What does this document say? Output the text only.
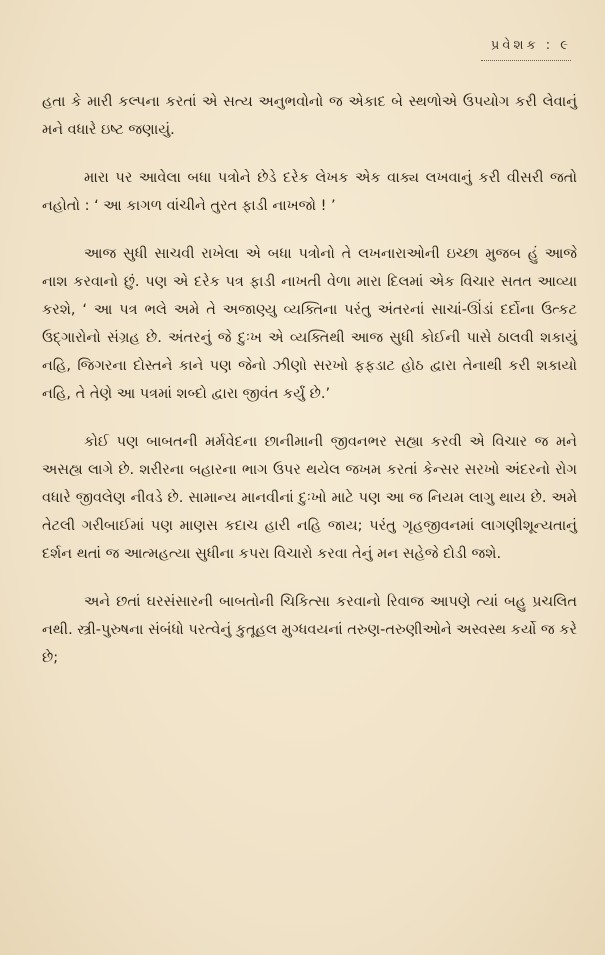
પ્રવેશક : ૯

હતા કે મારી કલ્પના કરતાં એ સત્ય અનુભવોનો જ એકાદ બે સ્થળોએ ઉપયોગ કરી લેવાનું મને વધારે ઇષ્ટ જણાયું.

મારા પર આવેલા બધા પત્રોને છેડે દરેક લેખક એક વાક્ય લખવાનું કરી વીસરી જતો નહોતો : ‘ આ કાગળ વાંચીને તુરત ફાડી નાખજો ! ’

આજ સુધી સાચવી રાખેલા એ બધા પત્રોનો તે લખનારાઓની ઇચ્છા મુજબ હું આજે નાશ કરવાનો છું. પણ એ દરેક પત્ર ફાડી નાખતી વેળા મારા દિલમાં એક વિચાર સતત આવ્યા કરશે, ‘ આ પત્ર ભલે અમે તે અજાણ્યુ વ્યક્તિના પરંતુ અંતરનાં સાચાં-ઊંડાં દર્દોના ઉત્કટ ઉદ્ગારોનો સંગ્રહ છે. અંતરનું જે દુઃખ એ વ્યક્તિથી આજ સુધી કોઈની પાસે ઠાલવી શકાયું નહિ, જિગરના દોસ્તને કાને પણ જેનો ઝીણો સરખો ફફડાટ હોઠ દ્વારા તેનાથી કરી શકાયો નહિ, તે તેણે આ પત્રમાં શબ્દો દ્વારા જીવંત કર્યું છે.’

કોઈ પણ બાબતની મર્મવેદના છાનીમાની જીવનભર સહ્યા કરવી એ વિચાર જ મને અસહ્ય લાગે છે. શરીરના બહારના ભાગ ઉપર થયેલ જખમ કરતાં કેન્સર સરખો અંદરનો રોગ વધારે જીવલેણ નીવડે છે. સામાન્ય માનવીનાં દુઃખો માટે પણ આ જ નિયમ લાગુ થાય છે. અમે તેટલી ગરીબાઈમાં પણ માણસ કદાચ હારી નહિ જાય; પરંતુ ગૃહજીવનમાં લાગણીશૂન્યતાનું દર્શન થતાં જ આત્મહત્યા સુધીના કપરા વિચારો કરવા તેનું મન સહેજે દોડી જશે.

અને છતાં ઘરસંસારની બાબતોની ચિકિત્સા કરવાનો રિવાજ આપણે ત્યાં બહુ પ્રચલિત નથી. સ્ત્રી-પુરુષના સંબંધો પરત્વેનું કુતૂહલ મુગ્ધવયનાં તરુણ-તરુણીઓને અસ્વસ્થ કર્યો જ કરે છે;
